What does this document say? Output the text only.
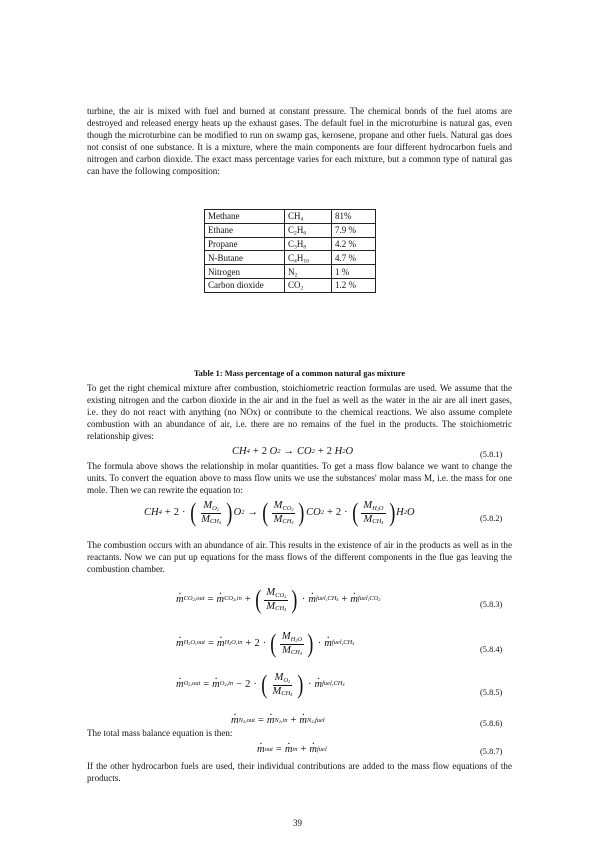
turbine, the air is mixed with fuel and burned at constant pressure. The chemical bonds of the fuel atoms are destroyed and released energy heats up the exhaust gases. The default fuel in the microturbine is natural gas, even though the microturbine can be modified to run on swamp gas, kerosene, propane and other fuels. Natural gas does not consist of one substance. It is a mixture, where the main components are four different hydrocarbon fuels and nitrogen and carbon dioxide. The exact mass percentage varies for each mixture, but a common type of natural gas can have the following composition:

Methane	$CH_4$	81%
Ethane	$C_2H_6$	7.9 %
Propane	$C_3H_8$	4.2 %
N-Butane	$C_4H_{10}$	4.7 %
Nitrogen	$N_2$	1 %
Carbon dioxide	$CO_2$	1.2 %
Table 1: Mass percentage of a common natural gas mixture

To get the right chemical mixture after combustion, stoichiometric reaction formulas are used. We assume that the existing nitrogen and the carbon dioxide in the air and in the fuel as well as the water in the air are all inert gases, i.e. they do not react with anything (no NOx) or contribute to the chemical reactions. We also assume complete combustion with an abundance of air, i.e. there are no remains of the fuel in the products. The stoichiometric relationship gives:

CH 4 + 2 O 2 → CO 2 + 2 H 2 O	(5.8.1)

The formula above shows the relationship in molar quantities. To get a mass flow balance we want to change the units. To convert the equation above to mass flow units we use the substances' molar mass M, i.e. the mass for one mole. Then we can rewrite the equation to:

CH 4 + 2 · ( $\frac{M_{O_2}}{M_{CH_4}}$ ) O 2 → ( $\frac{M_{CO_2}}{M_{CH_4}}$ ) CO 2 + 2 · ( $\frac{M_{H_2O}}{M_{CH_4}}$ ) H 2 O
(5.8.2)

The combustion occurs with an abundance of air. This results in the existence of air in the products as well as in the reactants. Now we can put up equations for the mass flows of the different components in the flue gas leaving the combustion chamber.

· m $CO_2,out$ = · m $CO_2,in$ + ( $\frac{M_{CO_2}}{M_{CH_4}}$ ) · · m $fuel,CH_4$ + · m $fuel,CO_2$	(5.8.3)
· m $H_2O,out$ = · m $H_2O,in + 2$ · ( $\frac{M_{H_2O}}{M_{CH_4}}$ ) · · m $fuel,CH_4$
(5.8.4)
· m $O_2,out$ = · m $O_2,in - 2$ · ( $\frac{M_{O_2}}{M_{CH_4}}$ ) · · m $fuel,CH_4$
(5.8.5)
· m $N_2,out$ = · m $N_2,in$ + · m $N_2,fuel$	(5.8.6)

The total mass balance equation is then:

· m out = · m in + · m fuel	(5.8.7)

If the other hydrocarbon fuels are used, their individual contributions are added to the mass flow equations of the products.

39
